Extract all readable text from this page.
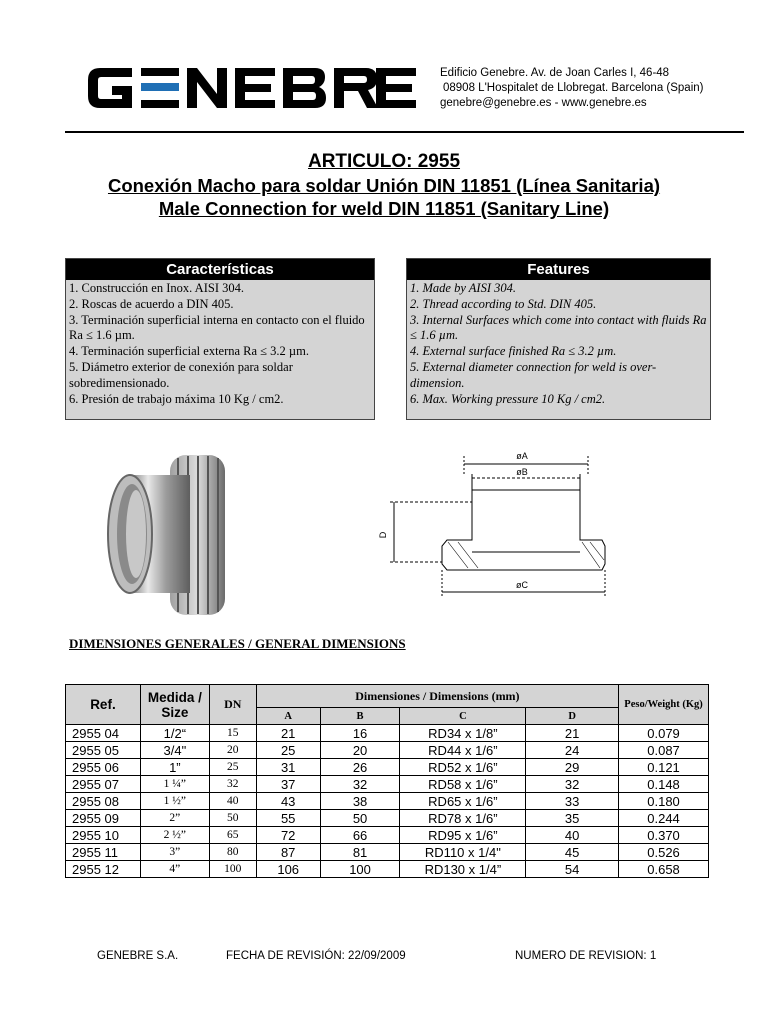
Edificio Genebre. Av. de Joan Carles I, 46-48
08908 L'Hospitalet de Llobregat. Barcelona (Spain)
genebre@genebre.es - www.genebre.es
ARTICULO: 2955
Conexión Macho para soldar Unión DIN 11851 (Línea Sanitaria)
Male Connection for weld DIN 11851 (Sanitary Line)
Características
1. Construcción en Inox. AISI 304.
2. Roscas de acuerdo a DIN 405.
3. Terminación superficial interna en contacto con el fluido Ra ≤ 1.6 µm.
4. Terminación superficial externa Ra ≤ 3.2 µm.
5. Diámetro exterior de conexión para soldar sobredimensionado.
6. Presión de trabajo máxima 10 Kg / cm2.
Features
1. Made by AISI 304.
2. Thread according to Std. DIN 405.
3. Internal Surfaces which come into contact with fluids Ra ≤ 1.6 µm.
4. External surface finished Ra ≤ 3.2 µm.
5. External diameter connection for weld is over-dimension.
6. Max. Working pressure 10 Kg / cm2.
øA
øB
øC
D
DIMENSIONES GENERALES / GENERAL DIMENSIONS
Ref.	Medida / Size	DN	Dimensiones / Dimensions (mm)				Peso/Weight (Kg)
			A	B	C	D	
2955 04	1/2“	15	21	16	RD34 x 1/8”	21	0.079
2955 05	3/4"	20	25	20	RD44 x 1/6”	24	0.087
2955 06	1”	25	31	26	RD52 x 1/6”	29	0.121
2955 07	1 ¼”	32	37	32	RD58 x 1/6”	32	0.148
2955 08	1 ½”	40	43	38	RD65 x 1/6”	33	0.180
2955 09	2”	50	55	50	RD78 x 1/6”	35	0.244
2955 10	2 ½”	65	72	66	RD95 x 1/6”	40	0.370
2955 11	3”	80	87	81	RD110 x 1/4"	45	0.526
2955 12	4”	100	106	100	RD130 x 1/4”	54	0.658
GENEBRE S.A.	FECHA DE REVISIÓN: 22/09/2009	NUMERO DE REVISION: 1
